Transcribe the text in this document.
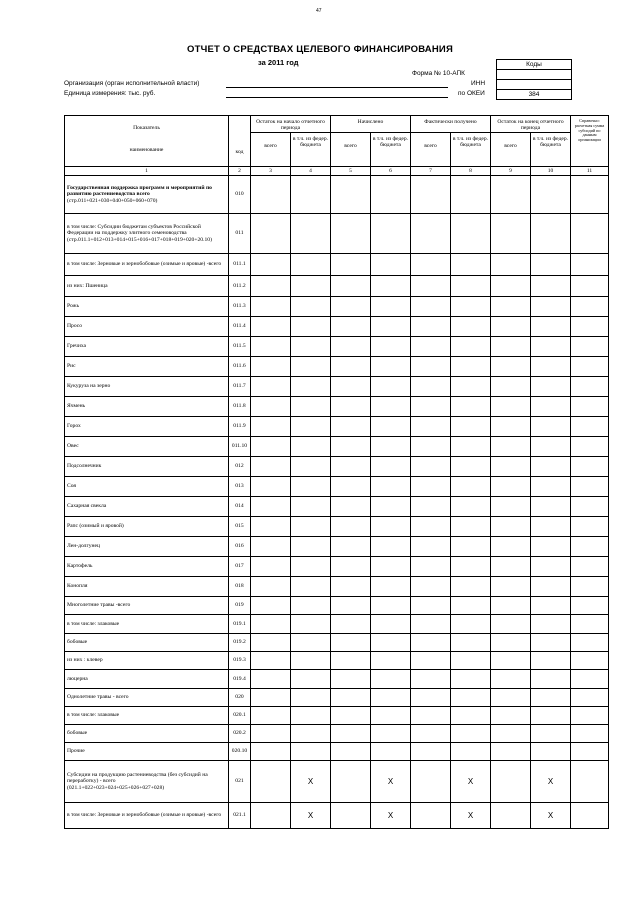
47
ОТЧЕТ О СРЕДСТВАХ ЦЕЛЕВОГО ФИНАНСИРОВАНИЯ
за 2011 год	Коды

384
Форма № 10-АПК
ИНН
по ОКЕИ
Организация (орган исполнительной власти)
Единица измерения: тыс. руб.
Показатель
наименование	код	Остаток на начало отчетного периода		Начислено		Фактически получено		Остаток на конец отчетного периода		Справочно: расчетная сумма субсидий по данным организации
		всего	в т.ч. из федер. бюджета	всего	в т.ч. из федер. бюджета	всего	в т.ч. из федер. бюджета	всего	в т.ч. из федер. бюджета	
1	2	3	4	5	6	7	8	9	10	11

Государственная поддержка программ и мероприятий по развитию растениеводства всего
(стр.011+021+030+040+050+060+070)	010									

в том числе: Субсидии бюджетам субъектов Российской Федерации на поддержку элитного семеноводства
(стр.011.1+012+013+014+015+016+017+018+019+020+20.10)	011									

в том числе: Зерновые и зернобобовые (озимые и яровые) -всего	011.1									

из них: Пшеница	011.2									

Рожь	011.3									

Просо	011.4									

Гречиха	011.5									

Рис	011.6									

Кукуруза на зерно	011.7									

Ячмень	011.8									

Горох	011.9									

Овес	011.10									

Подсолнечник	012									

Соя	013									

Сахарная свекла	014									

Рапс (озимый и яровой)	015									

Лен-долгунец	016									

Картофель	017									

Конопля	018									

Многолетние травы -всего	019									

в том числе: злаковые	019.1									

бобовые	019.2									

из них : клевер	019.3									

люцерна	019.4									

Однолетние травы - всего	020									

в том числе: злаковые	020.1									

бобовые	020.2									

Прочие	020.10									

Субсидии на продукцию растениеводства (без субсидий на переработку) - всего
(021.1+022+023+024+025+026+027+028)	021		Х		Х		Х		Х	

в том числе: Зерновые и зернобобовые (озимые и яровые) -всего	021.1		Х		Х		Х		Х	
